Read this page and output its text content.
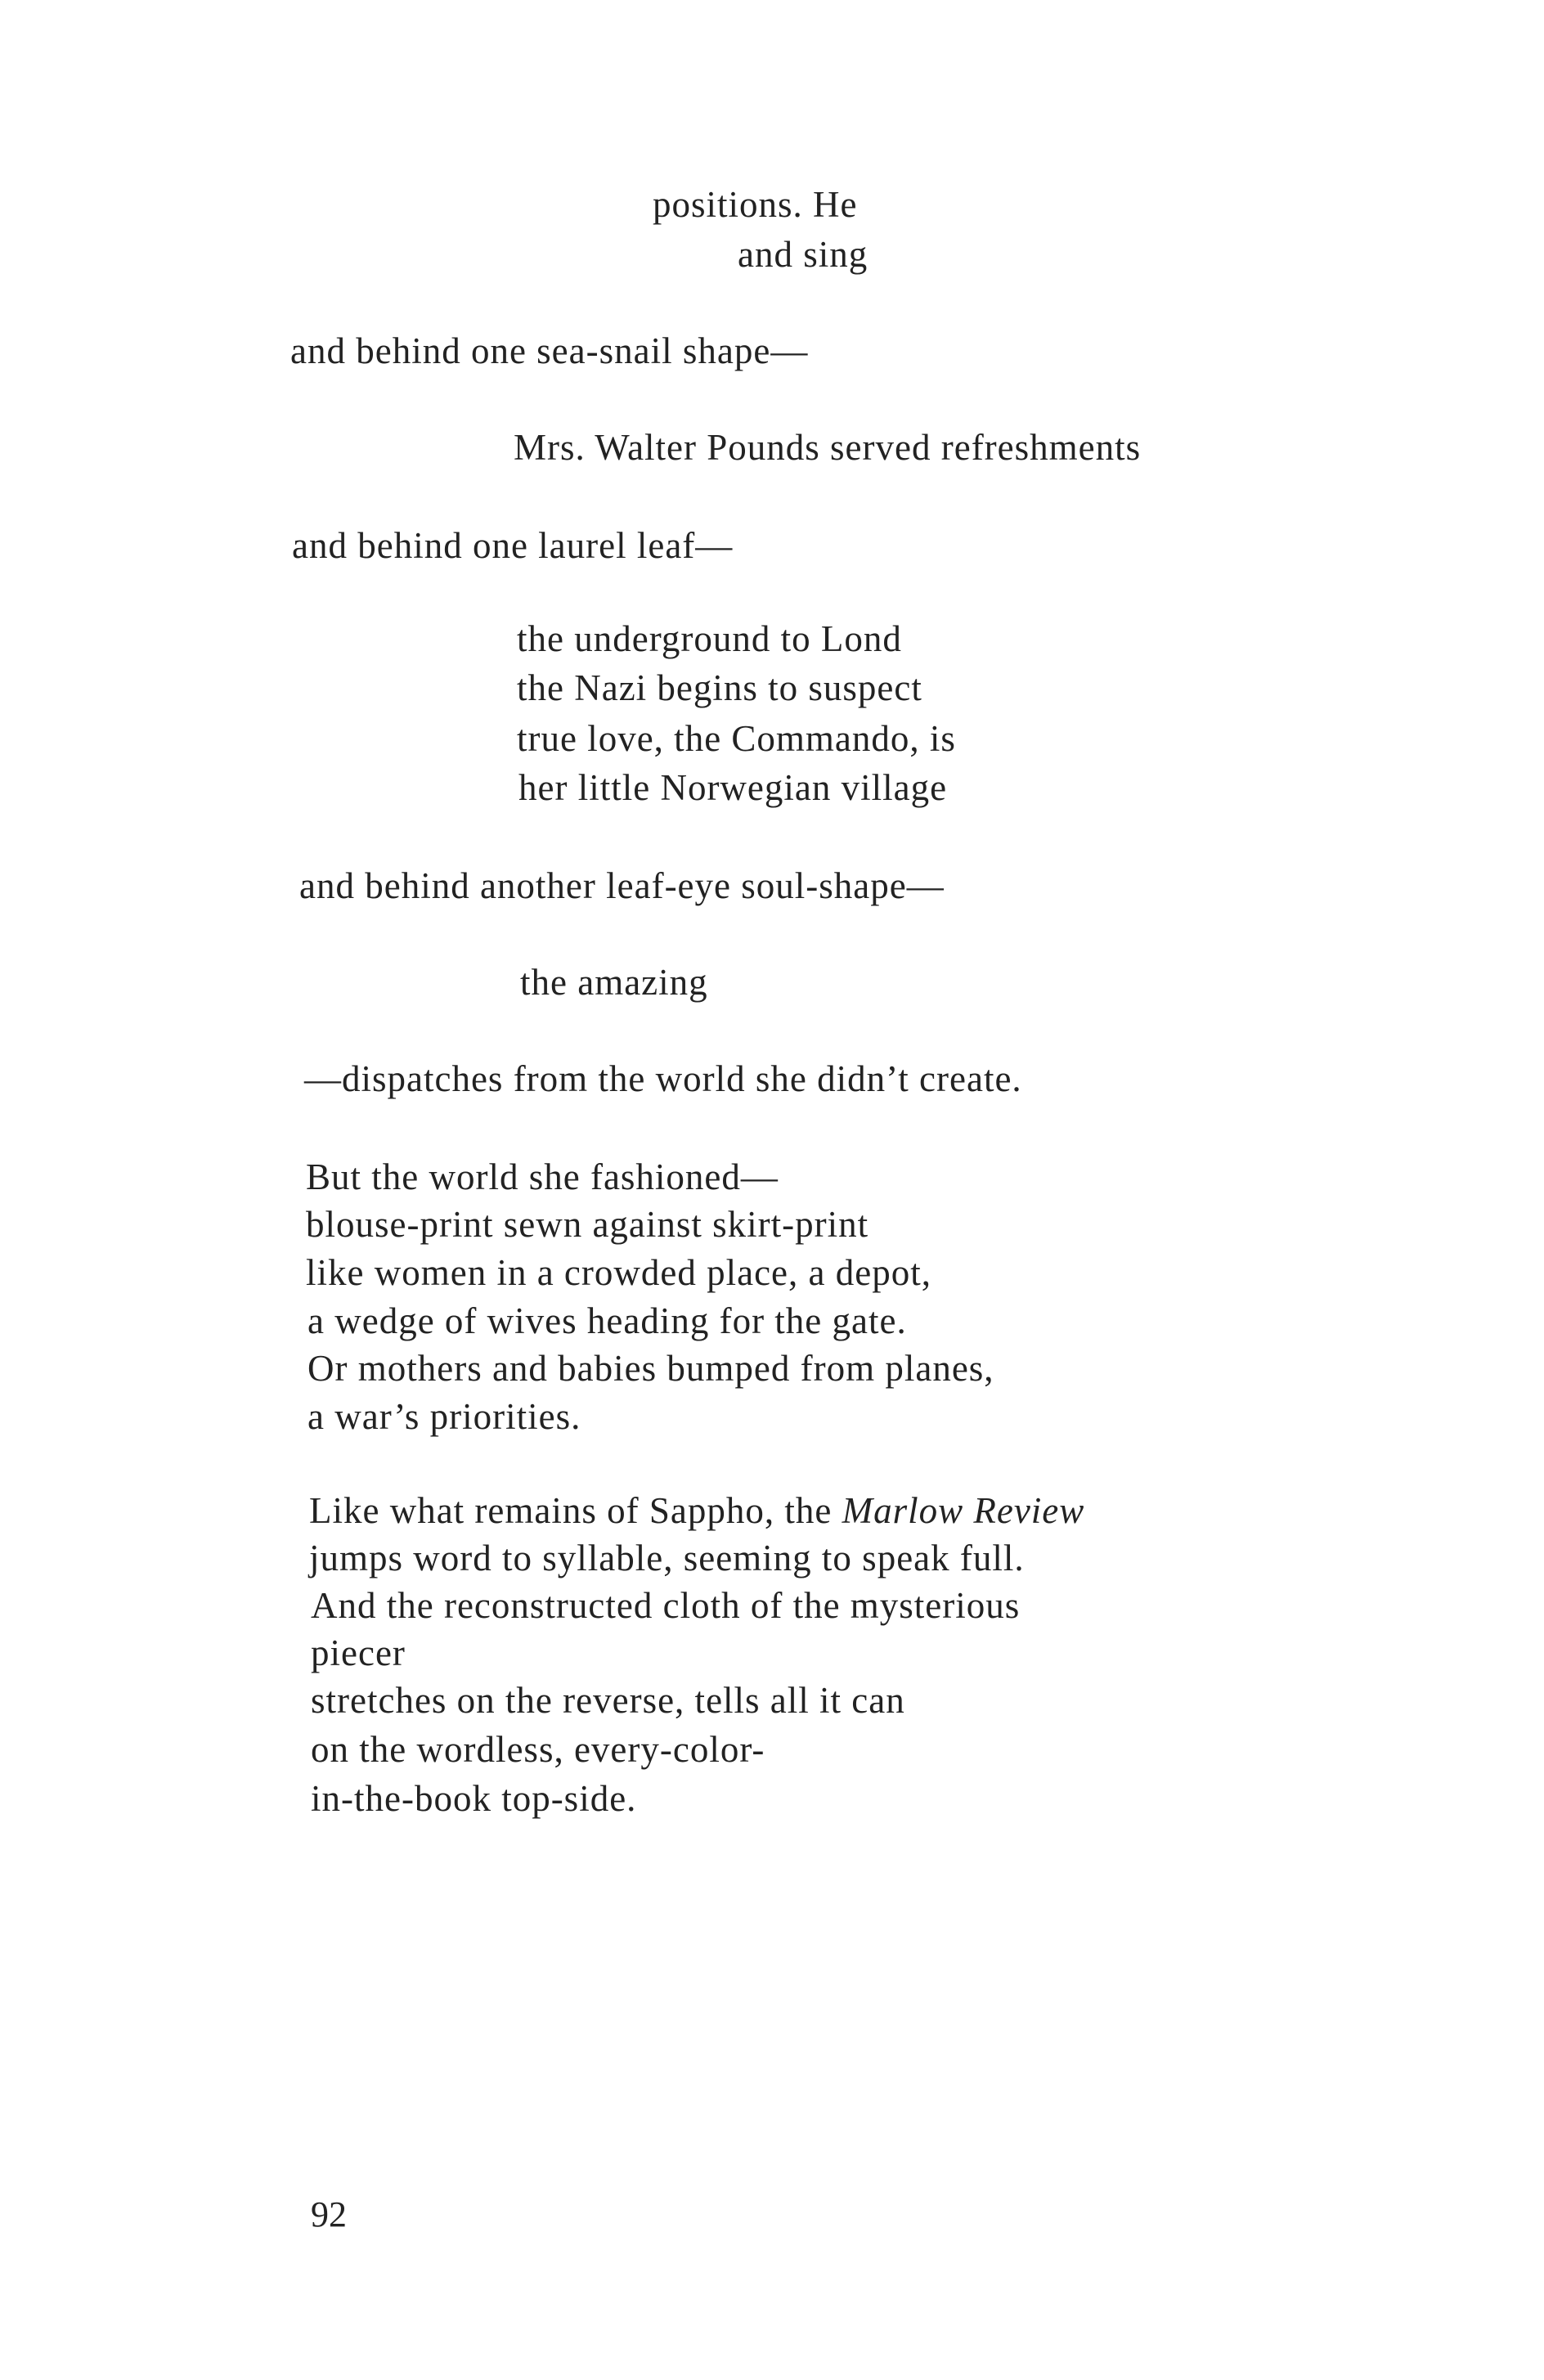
positions. He
and sing
and behind one sea-snail shape—
Mrs. Walter Pounds served refreshments
and behind one laurel leaf—
the underground to Lond
the Nazi begins to suspect
true love, the Commando, is
her little Norwegian village
and behind another leaf-eye soul-shape—
the amazing
—dispatches from the world she didn’t create.
But the world she fashioned—
blouse-print sewn against skirt-print
like women in a crowded place, a depot,
a wedge of wives heading for the gate.
Or mothers and babies bumped from planes,
a war’s priorities.
Like what remains of Sappho, the Marlow Review
jumps word to syllable, seeming to speak full.
And the reconstructed cloth of the mysterious
piecer
stretches on the reverse, tells all it can
on the wordless, every-color-
in-the-book top-side.
92
